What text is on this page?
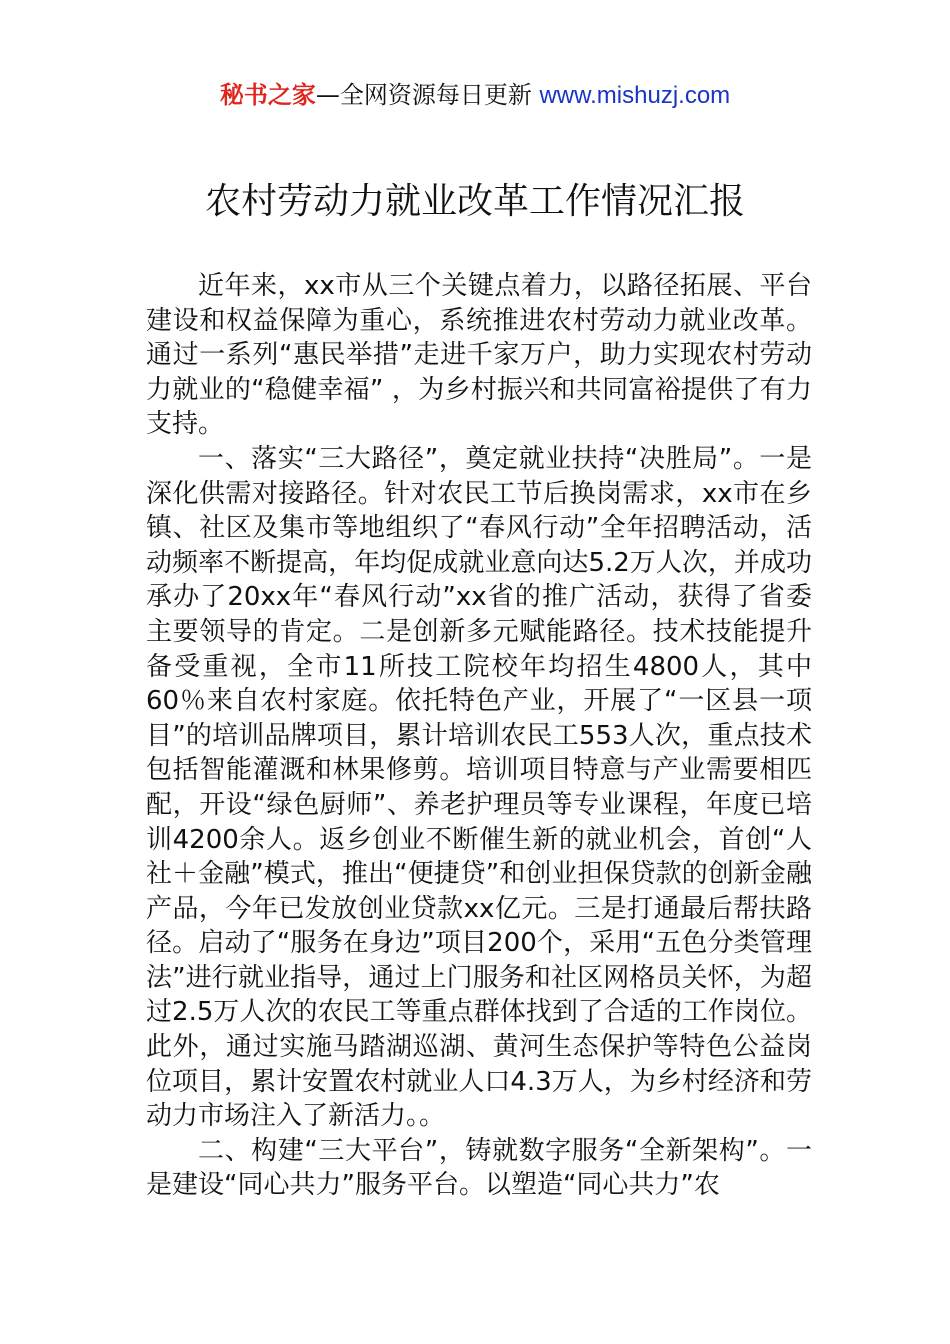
秘书之家—全网资源每日更新 www.mishuzj.com
农村劳动力就业改革工作情况汇报

近年来，xx市从三个关键点着力，以路径拓展、平台建设和权益保障为重心，系统推进农村劳动力就业改革。通过一系列“惠民举措”走进千家万户，助力实现农村劳动力就业的“稳健幸福” ，为乡村振兴和共同富裕提供了有力支持。

一、落实“三大路径”，奠定就业扶持“决胜局”。一是深化供需对接路径。针对农民工节后换岗需求，xx市在乡镇、社区及集市等地组织了“春风行动”全年招聘活动，活动频率不断提高，年均促成就业意向达5.2万人次，并成功承办了20xx年“春风行动”xx省的推广活动，获得了省委主要领导的肯定。二是创新多元赋能路径。技术技能提升备受重视，全市11所技工院校年均招生4800人，其中60％来自农村家庭。依托特色产业，开展了“一区县一项目”的培训品牌项目，累计培训农民工553人次，重点技术包括智能灌溉和林果修剪。培训项目特意与产业需要相匹配，开设“绿色厨师”、养老护理员等专业课程，年度已培训4200余人。返乡创业不断催生新的就业机会，首创“人社＋金融”模式，推出“便捷贷”和创业担保贷款的创新金融产品，今年已发放创业贷款xx亿元。三是打通最后帮扶路径。启动了“服务在身边”项目200个，采用“五色分类管理法”进行就业指导，通过上门服务和社区网格员关怀，为超过2.5万人次的农民工等重点群体找到了合适的工作岗位。此外，通过实施马踏湖巡湖、黄河生态保护等特色公益岗位项目，累计安置农村就业人口4.3万人，为乡村经济和劳动力市场注入了新活力。。

二、构建“三大平台”，铸就数字服务“全新架构”。一是建设“同心共力”服务平台。以塑造“同心共力”农
